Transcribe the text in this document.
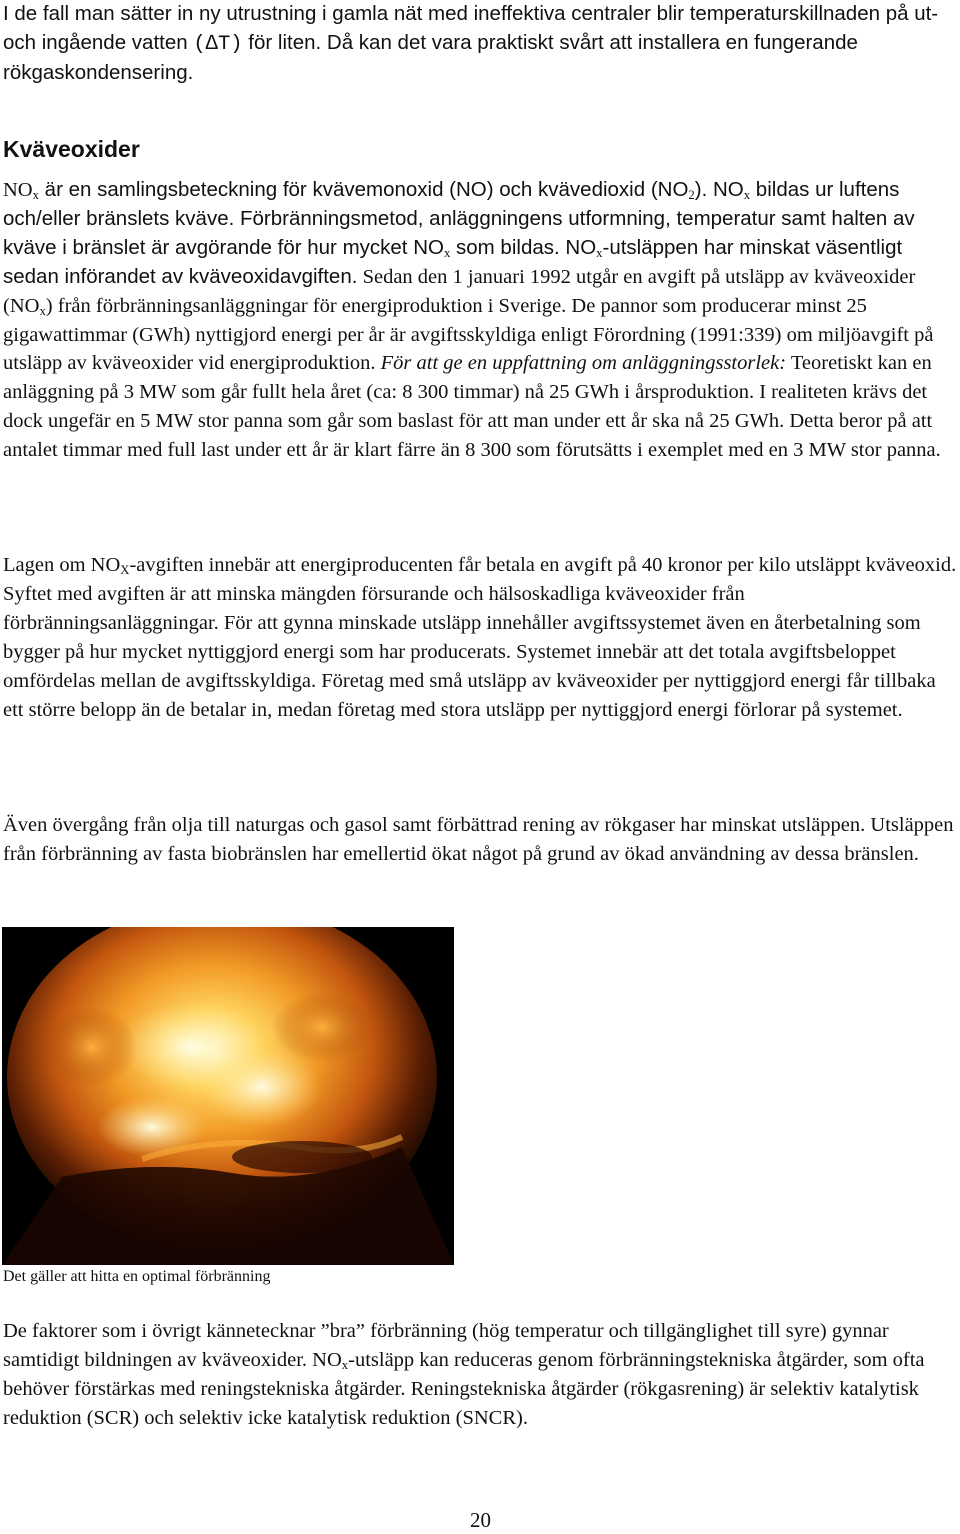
I de fall man sätter in ny utrustning i gamla nät med ineffektiva centraler blir temperaturskillnaden på ut- och ingående vatten (∆T) för liten. Då kan det vara praktiskt svårt att installera en fungerande rökgaskondensering.

Kväveoxider

$NO_x$ är en samlingsbeteckning för kvävemonoxid (NO) och kvävedioxid $(NO_2)$. $NO_x$ bildas ur luftens och/eller bränslets kväve. Förbränningsmetod, anläggningens utformning, temperatur samt halten av kväve i bränslet är avgörande för hur mycket $NO_x$ som bildas. $NO_x$-utsläppen har minskat väsentligt sedan införandet av kväveoxidavgiften. Sedan den 1 januari 1992 utgår en avgift på utsläpp av kväveoxider $(NO_x)$ från förbränningsanläggningar för energiproduktion i Sverige. De pannor som producerar minst 25 gigawattimmar (GWh) nyttigjord energi per år är avgiftsskyldiga enligt Förordning (1991:339) om miljöavgift på utsläpp av kväveoxider vid energiproduktion. För att ge en uppfattning om anläggningsstorlek: Teoretiskt kan en anläggning på 3 MW som går fullt hela året (ca: 8 300 timmar) nå 25 GWh i årsproduktion. I realiteten krävs det dock ungefär en 5 MW stor panna som går som baslast för att man under ett år ska nå 25 GWh. Detta beror på att antalet timmar med full last under ett år är klart färre än 8 300 som förutsätts i exemplet med en 3 MW stor panna.

Lagen om $NO_X$-avgiften innebär att energiproducenten får betala en avgift på 40 kronor per kilo utsläppt kväveoxid. Syftet med avgiften är att minska mängden försurande och hälsoskadliga kväveoxider från förbränningsanläggningar. För att gynna minskade utsläpp innehåller avgiftssystemet även en återbetalning som bygger på hur mycket nyttiggjord energi som har producerats. Systemet innebär att det totala avgiftsbeloppet omfördelas mellan de avgiftsskyldiga. Företag med små utsläpp av kväveoxider per nyttiggjord energi får tillbaka ett större belopp än de betalar in, medan företag med stora utsläpp per nyttiggjord energi förlorar på systemet.

Även övergång från olja till naturgas och gasol samt förbättrad rening av rökgaser har minskat utsläppen. Utsläppen från förbränning av fasta biobränslen har emellertid ökat något på grund av ökad användning av dessa bränslen.

Det gäller att hitta en optimal förbränning

De faktorer som i övrigt kännetecknar ”bra” förbränning (hög temperatur och tillgänglighet till syre) gynnar samtidigt bildningen av kväveoxider. $NO_x$-utsläpp kan reduceras genom förbränningstekniska åtgärder, som ofta behöver förstärkas med reningstekniska åtgärder. Reningstekniska åtgärder (rökgasrening) är selektiv katalytisk reduktion (SCR) och selektiv icke katalytisk reduktion (SNCR).

20
